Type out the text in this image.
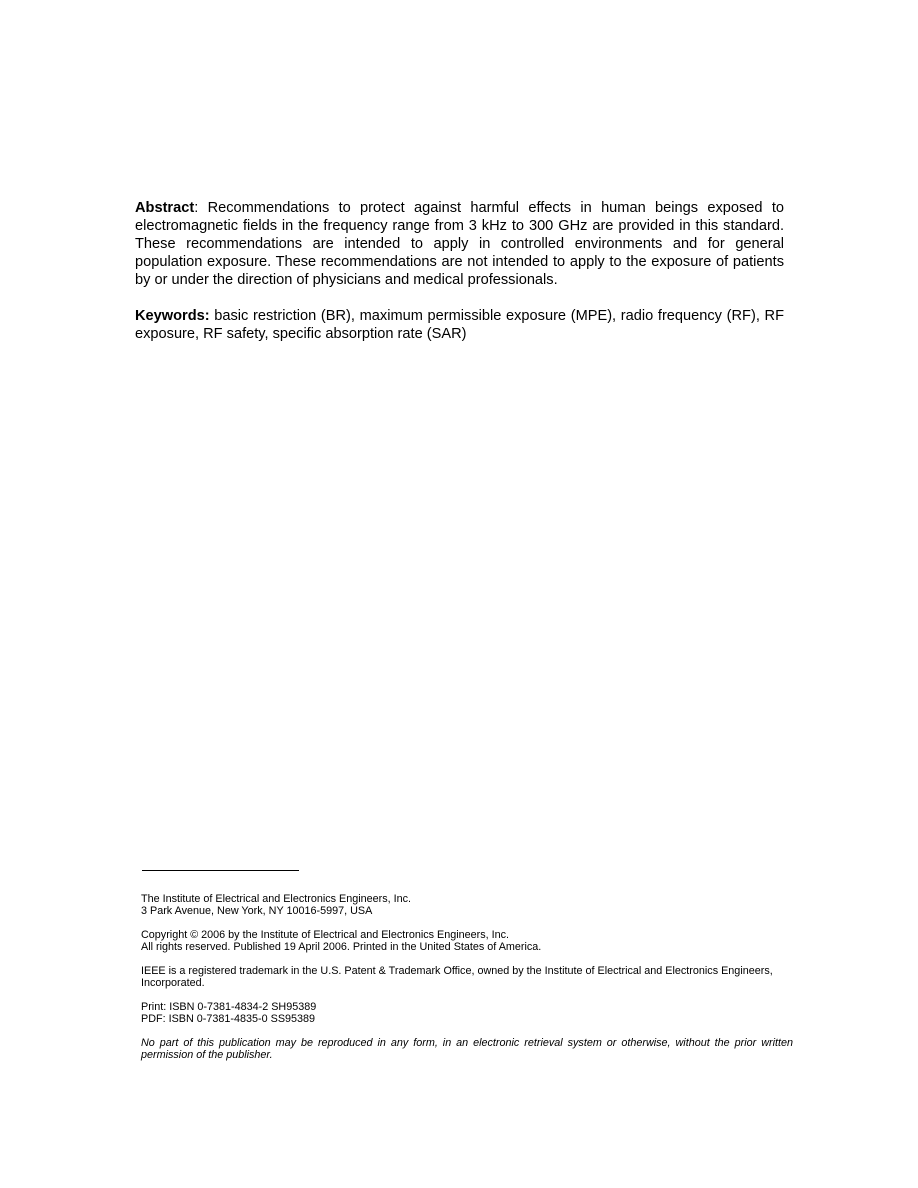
Abstract: Recommendations to protect against harmful effects in human beings exposed to electromagnetic fields in the frequency range from 3 kHz to 300 GHz are provided in this standard. These recommendations are intended to apply in controlled environments and for general population exposure. These recommendations are not intended to apply to the exposure of patients by or under the direction of physicians and medical professionals.

Keywords: basic restriction (BR), maximum permissible exposure (MPE), radio frequency (RF), RF exposure, RF safety, specific absorption rate (SAR)

The Institute of Electrical and Electronics Engineers, Inc.
3 Park Avenue, New York, NY 10016-5997, USA

Copyright © 2006 by the Institute of Electrical and Electronics Engineers, Inc.
All rights reserved. Published 19 April 2006. Printed in the United States of America.

IEEE is a registered trademark in the U.S. Patent & Trademark Office, owned by the Institute of Electrical and Electronics Engineers, Incorporated.

Print: ISBN 0-7381-4834-2 SH95389
PDF: ISBN 0-7381-4835-0 SS95389

No part of this publication may be reproduced in any form, in an electronic retrieval system or otherwise, without the prior written permission of the publisher.
